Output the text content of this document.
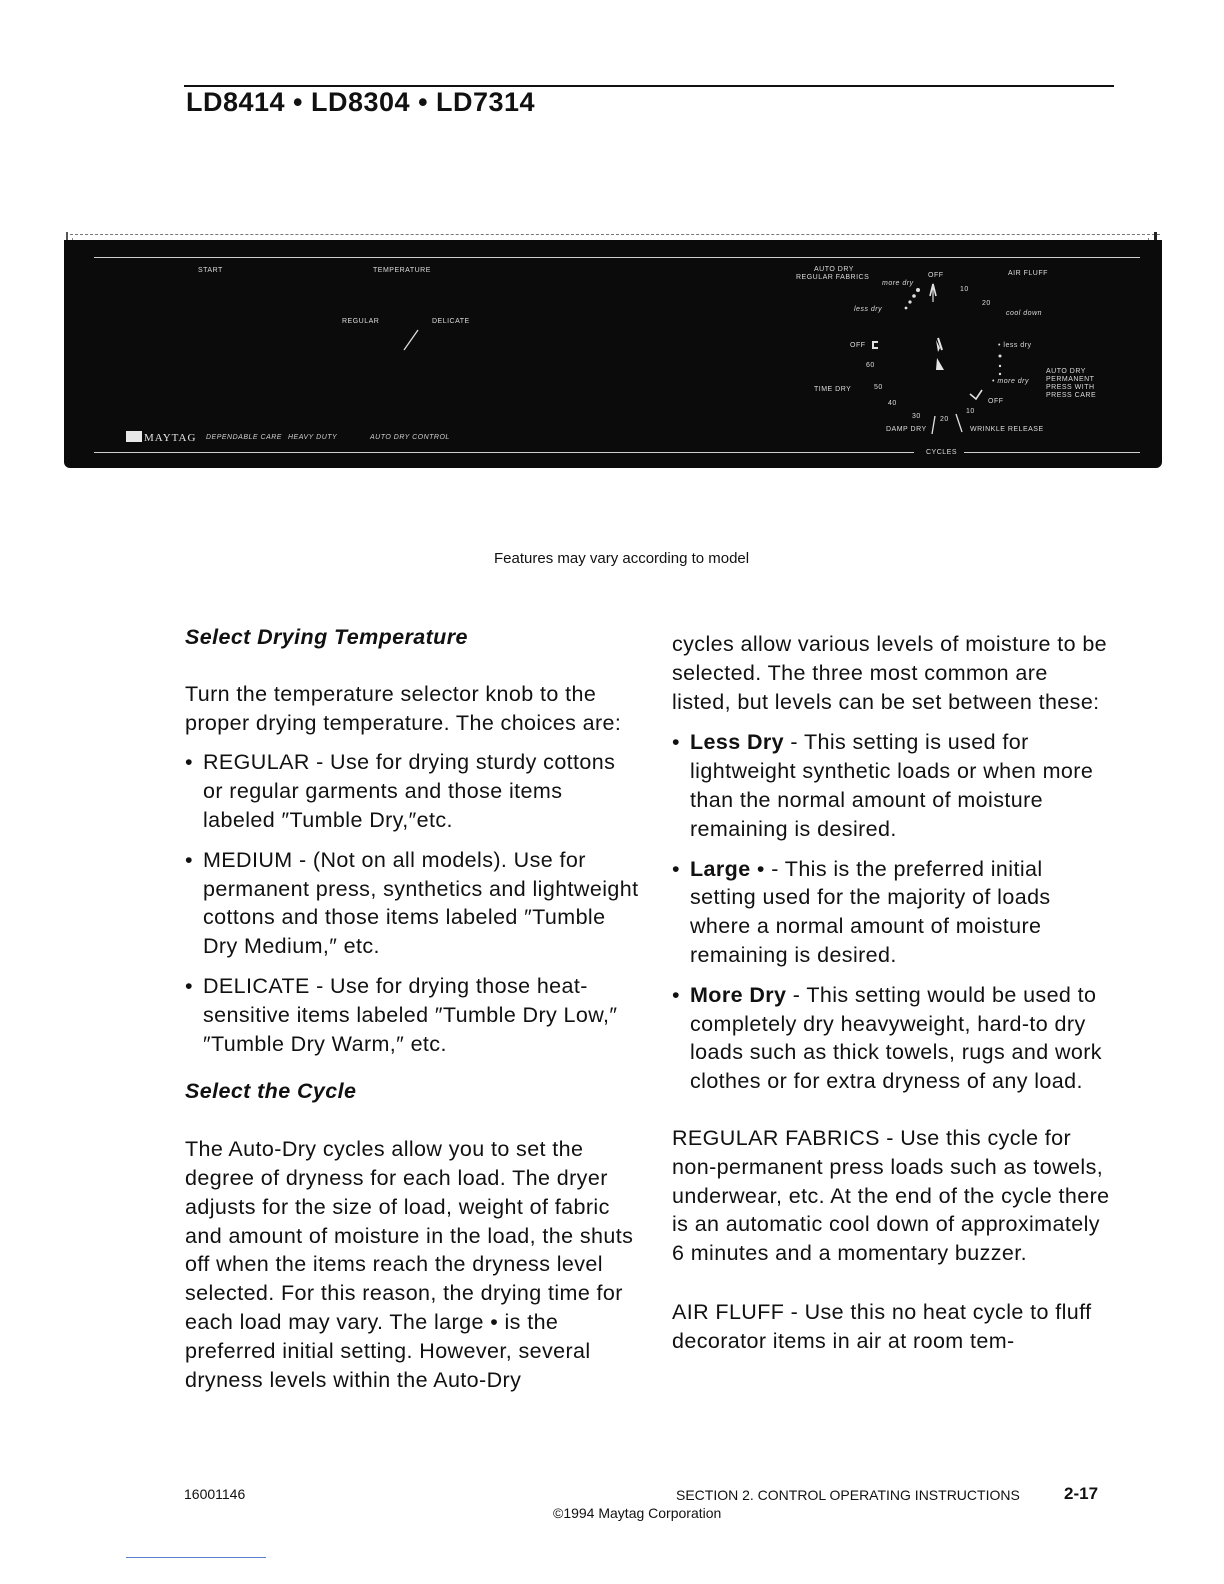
LD8414 • LD8304 • LD7314
START	TEMPERATURE
REGULAR	DELICATE
AUTO DRY
REGULAR FABRICS	OFF	AIR FLUFF
more dry
less dry
10
20
cool down
OFF	• less dry
60
AUTO DRY
PERMANENT
PRESS WITH
PRESS CARE
• more dry
TIME DRY	50
OFF
40
30	20
10
DAMP DRY	WRINKLE RELEASE
CYCLES
MAYTAG DEPENDABLE CARE HEAVY DUTY	AUTO DRY CONTROL
Features may vary according to model

Select Drying Temperature

Turn the temperature selector knob to the proper drying temperature. The choices are:

• REGULAR - Use for drying sturdy cottons or regular garments and those items labeled ″Tumble Dry,″etc.
• MEDIUM - (Not on all models). Use for permanent press, synthetics and lightweight cottons and those items labeled ″Tumble Dry Medium,″ etc.
• DELICATE - Use for drying those heat-sensitive items labeled ″Tumble Dry Low,″ ″Tumble Dry Warm,″ etc.

Select the Cycle

The Auto-Dry cycles allow you to set the degree of dryness for each load. The dryer adjusts for the size of load, weight of fabric and amount of moisture in the load, the shuts off when the items reach the dryness level selected. For this reason, the drying time for each load may vary. The large • is the preferred initial setting. However, several dryness levels within the Auto-Dry

cycles allow various levels of moisture to be selected. The three most common are listed, but levels can be set between these:

• Less Dry - This setting is used for lightweight synthetic loads or when more than the normal amount of moisture remaining is desired.
• Large • - This is the preferred initial setting used for the majority of loads where a normal amount of moisture remaining is desired.
• More Dry - This setting would be used to completely dry heavyweight, hard-to dry loads such as thick towels, rugs and work clothes or for extra dryness of any load.

REGULAR FABRICS - Use this cycle for non-permanent press loads such as towels, underwear, etc. At the end of the cycle there is an automatic cool down of approximately 6 minutes and a momentary buzzer.

AIR FLUFF - Use this no heat cycle to fluff decorator items in air at room tem-

16001146	SECTION 2. CONTROL OPERATING INSTRUCTIONS	2-17
©1994 Maytag Corporation
